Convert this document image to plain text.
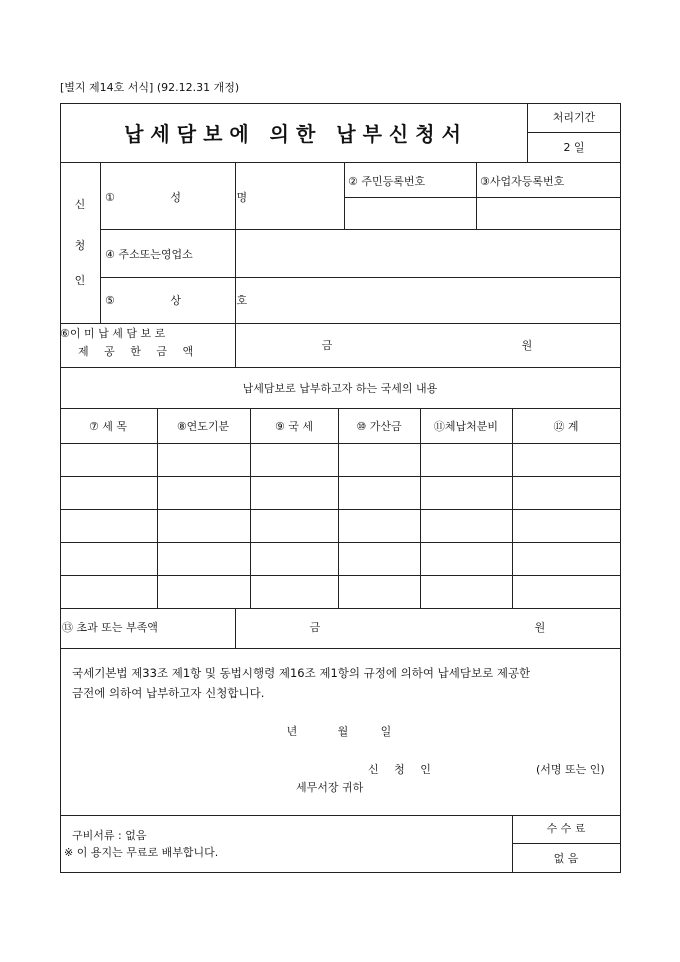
[별지 제14호 서식] (92.12.31 개정)
납세담보에 의한 납부신청서
처리기간
2 일
신
청
인
① 성 명
② 주민등록번호	③사업자등록번호
④ 주소또는영업소
⑤ 상 호
⑥이 미 납 세 담 보 로
제 공 한 금 액	금	원
납세담보로 납부하고자 하는 국세의 내용
⑦ 세 목	⑧연도기분	⑨ 국 세	⑩ 가산금	⑪체납처분비	⑫ 계
⑬ 초과 또는 부족액	금	원
국세기본법 제33조 제1항 및 동법시행령 제16조 제1항의 규정에 의하여 납세담보로 제공한
금전에 의하여 납부하고자 신청합니다.
년	월	일
신 청 인	(서명 또는 인)
세무서장 귀하
구비서류 : 없음
※ 이 용지는 무료로 배부합니다.
수 수 료
없 음
